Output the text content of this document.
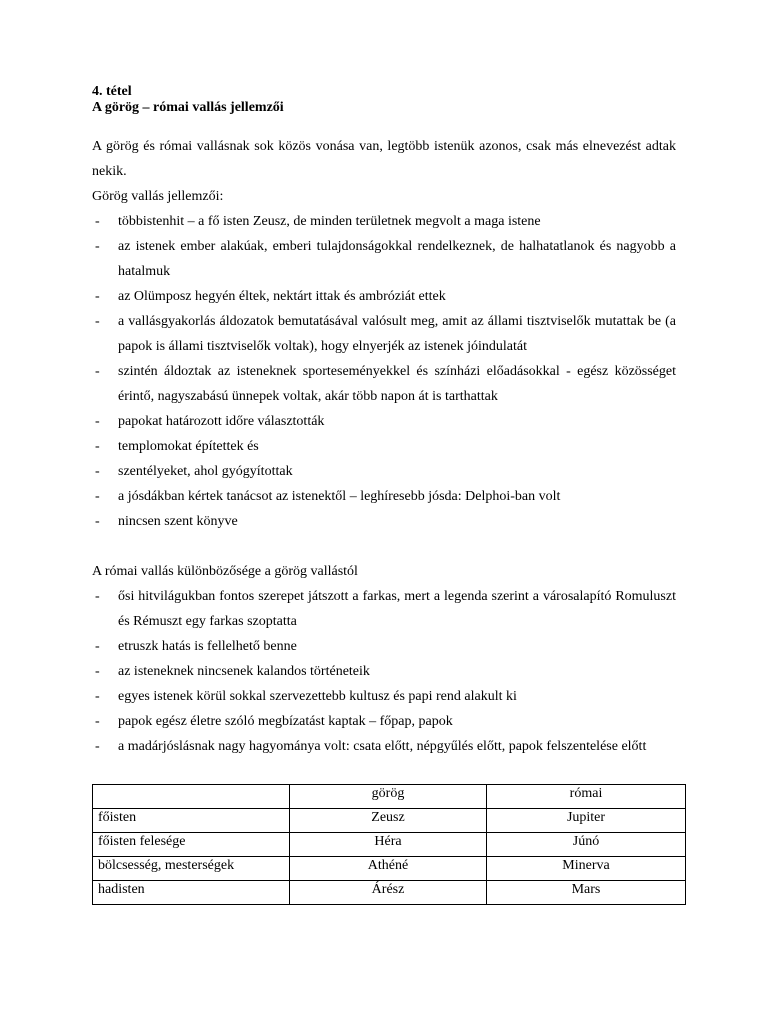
4. tétel
A görög – római vallás jellemzői
A görög és római vallásnak sok közös vonása van, legtöbb istenük azonos, csak más elnevezést adtak nekik.
Görög vallás jellemzői:
- többistenhit – a fő isten Zeusz, de minden területnek megvolt a maga istene
- az istenek ember alakúak, emberi tulajdonságokkal rendelkeznek, de halhatatlanok és nagyobb a hatalmuk
- az Olümposz hegyén éltek, nektárt ittak és ambróziát ettek
- a vallásgyakorlás áldozatok bemutatásával valósult meg, amit az állami tisztviselők mutattak be (a papok is állami tisztviselők voltak), hogy elnyerjék az istenek jóindulatát
- szintén áldoztak az isteneknek sporteseményekkel és színházi előadásokkal - egész közösséget érintő, nagyszabású ünnepek voltak, akár több napon át is tarthattak
- papokat határozott időre választották
- templomokat építettek és
- szentélyeket, ahol gyógyítottak
- a jósdákban kértek tanácsot az istenektől – leghíresebb jósda: Delphoi-ban volt
- nincsen szent könyve
A római vallás különbözősége a görög vallástól
- ősi hitvilágukban fontos szerepet játszott a farkas, mert a legenda szerint a városalapító Romuluszt és Rémuszt egy farkas szoptatta
- etruszk hatás is fellelhető benne
- az isteneknek nincsenek kalandos történeteik
- egyes istenek körül sokkal szervezettebb kultusz és papi rend alakult ki
- papok egész életre szóló megbízatást kaptak – főpap, papok
- a madárjóslásnak nagy hagyománya volt: csata előtt, népgyűlés előtt, papok felszentelése előtt
	görög	római
főisten	Zeusz	Jupiter
főisten felesége	Héra	Júnó
bölcsesség, mesterségek	Athéné	Minerva
hadisten	Árész	Mars
